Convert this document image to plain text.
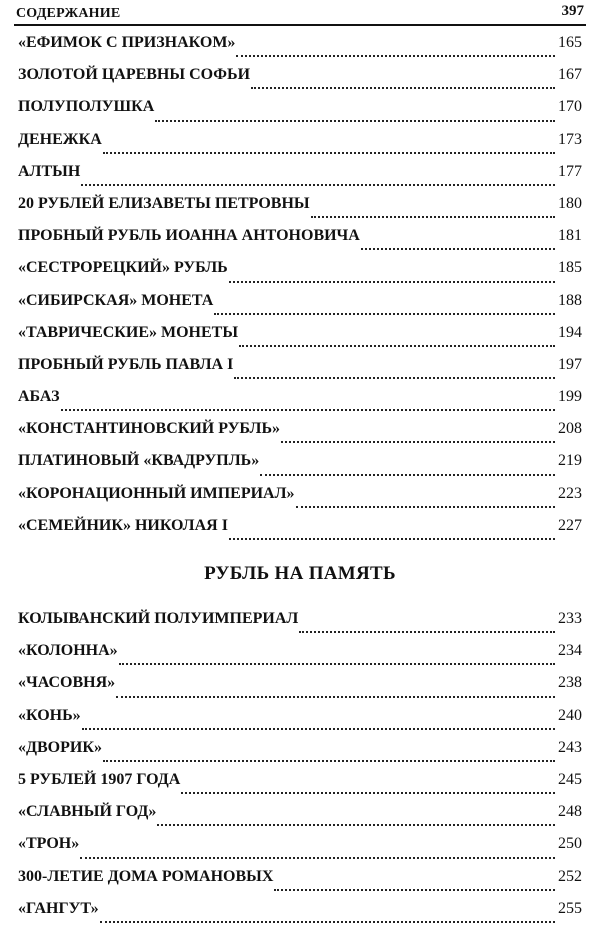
СОДЕРЖАНИЕ	397
«ЕФИМОК С ПРИЗНАКОМ»	165
ЗОЛОТОЙ ЦАРЕВНЫ СОФЬИ	167
ПОЛУПОЛУШКА	170
ДЕНЕЖКА	173
АЛТЫН	177
20 РУБЛЕЙ ЕЛИЗАВЕТЫ ПЕТРОВНЫ	180
ПРОБНЫЙ РУБЛЬ ИОАННА АНТОНОВИЧА	181
«СЕСТРОРЕЦКИЙ» РУБЛЬ	185
«СИБИРСКАЯ» МОНЕТА	188
«ТАВРИЧЕСКИЕ» МОНЕТЫ	194
ПРОБНЫЙ РУБЛЬ ПАВЛА I	197
АБАЗ	199
«КОНСТАНТИНОВСКИЙ РУБЛЬ»	208
ПЛАТИНОВЫЙ «КВАДРУПЛЬ»	219
«КОРОНАЦИОННЫЙ ИМПЕРИАЛ»	223
«СЕМЕЙНИК» НИКОЛАЯ I	227
РУБЛЬ НА ПАМЯТЬ
КОЛЫВАНСКИЙ ПОЛУИМПЕРИАЛ	233
«КОЛОННА»	234
«ЧАСОВНЯ»	238
«КОНЬ»	240
«ДВОРИК»	243
5 РУБЛЕЙ 1907 ГОДА	245
«СЛАВНЫЙ ГОД»	248
«ТРОН»	250
300-ЛЕТИЕ ДОМА РОМАНОВЫХ	252
«ГАНГУТ»	255
